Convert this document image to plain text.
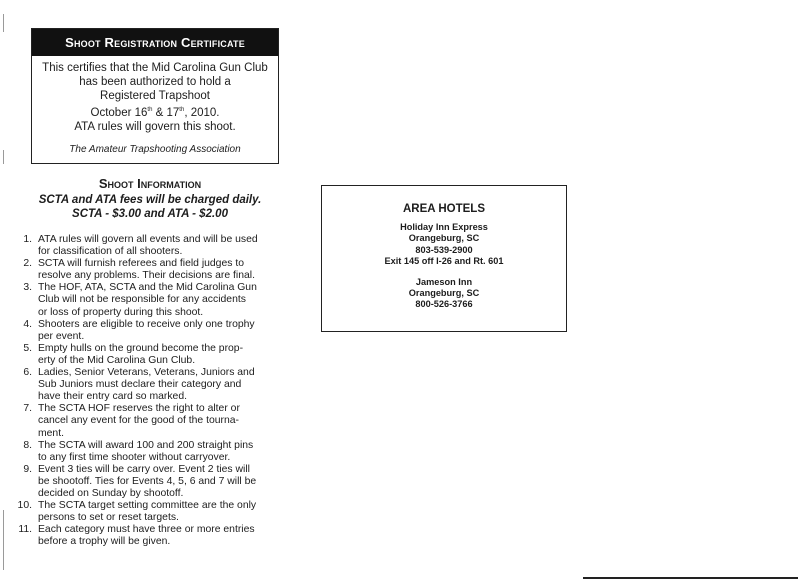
Shoot Registration Certificate
This certifies that the Mid Carolina Gun Club
has been authorized to hold a
Registered Trapshoot
October 16th & 17th, 2010.
ATA rules will govern this shoot.
The Amateur Trapshooting Association
Shoot Information
SCTA and ATA fees will be charged daily.
SCTA - $3.00 and ATA - $2.00
1. ATA rules will govern all events and will be used
for classification of all shooters.
2. SCTA will furnish referees and field judges to
resolve any problems. Their decisions are final.
3. The HOF, ATA, SCTA and the Mid Carolina Gun
Club will not be responsible for any accidents
or loss of property during this shoot.
4. Shooters are eligible to receive only one trophy
per event.
5. Empty hulls on the ground become the prop-
erty of the Mid Carolina Gun Club.
6. Ladies, Senior Veterans, Veterans, Juniors and
Sub Juniors must declare their category and
have their entry card so marked.
7. The SCTA HOF reserves the right to alter or
cancel any event for the good of the tourna-
ment.
8. The SCTA will award 100 and 200 straight pins
to any first time shooter without carryover.
9. Event 3 ties will be carry over. Event 2 ties will
be shootoff. Ties for Events 4, 5, 6 and 7 will be
decided on Sunday by shootoff.
10. The SCTA target setting committee are the only
persons to set or reset targets.
11. Each category must have three or more entries
before a trophy will be given.
AREA HOTELS
Holiday Inn Express
Orangeburg, SC
803-539-2900
Exit 145 off I-26 and Rt. 601
Jameson Inn
Orangeburg, SC
800-526-3766
